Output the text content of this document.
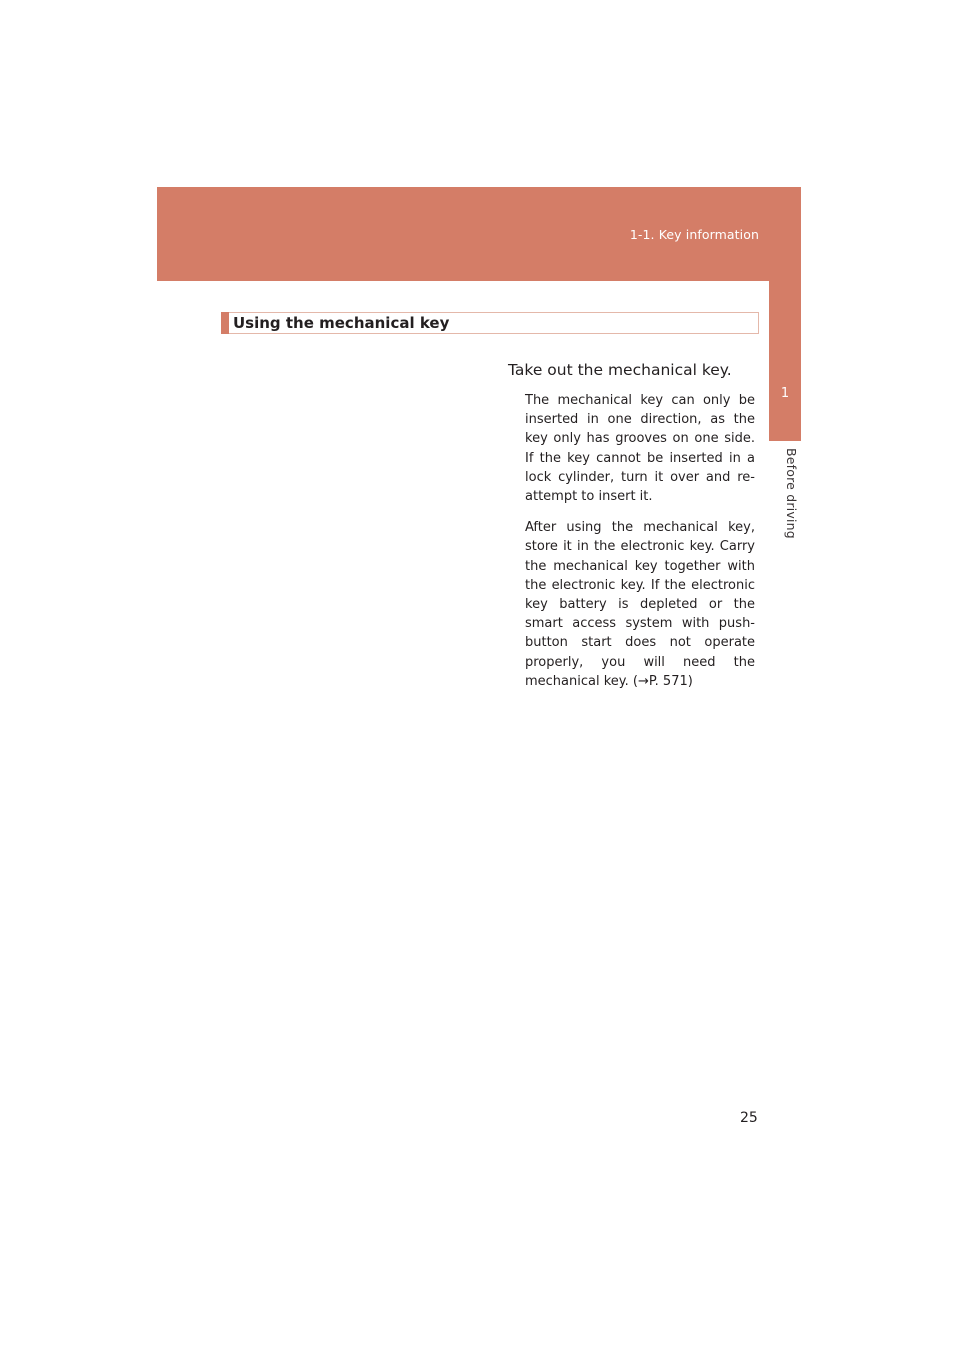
1-1. Key information
1
Before driving
Using the mechanical key
Take out the mechanical key.

The mechanical key can only be inserted in one direction, as the key only has grooves on one side. If the key cannot be inserted in a lock cylinder, turn it over and re-attempt to insert it.

After using the mechanical key, store it in the electronic key. Carry the mechanical key together with the electronic key. If the electronic key battery is depleted or the smart access system with push-button start does not operate properly, you will need the mechanical key. (→P. 571)

25
